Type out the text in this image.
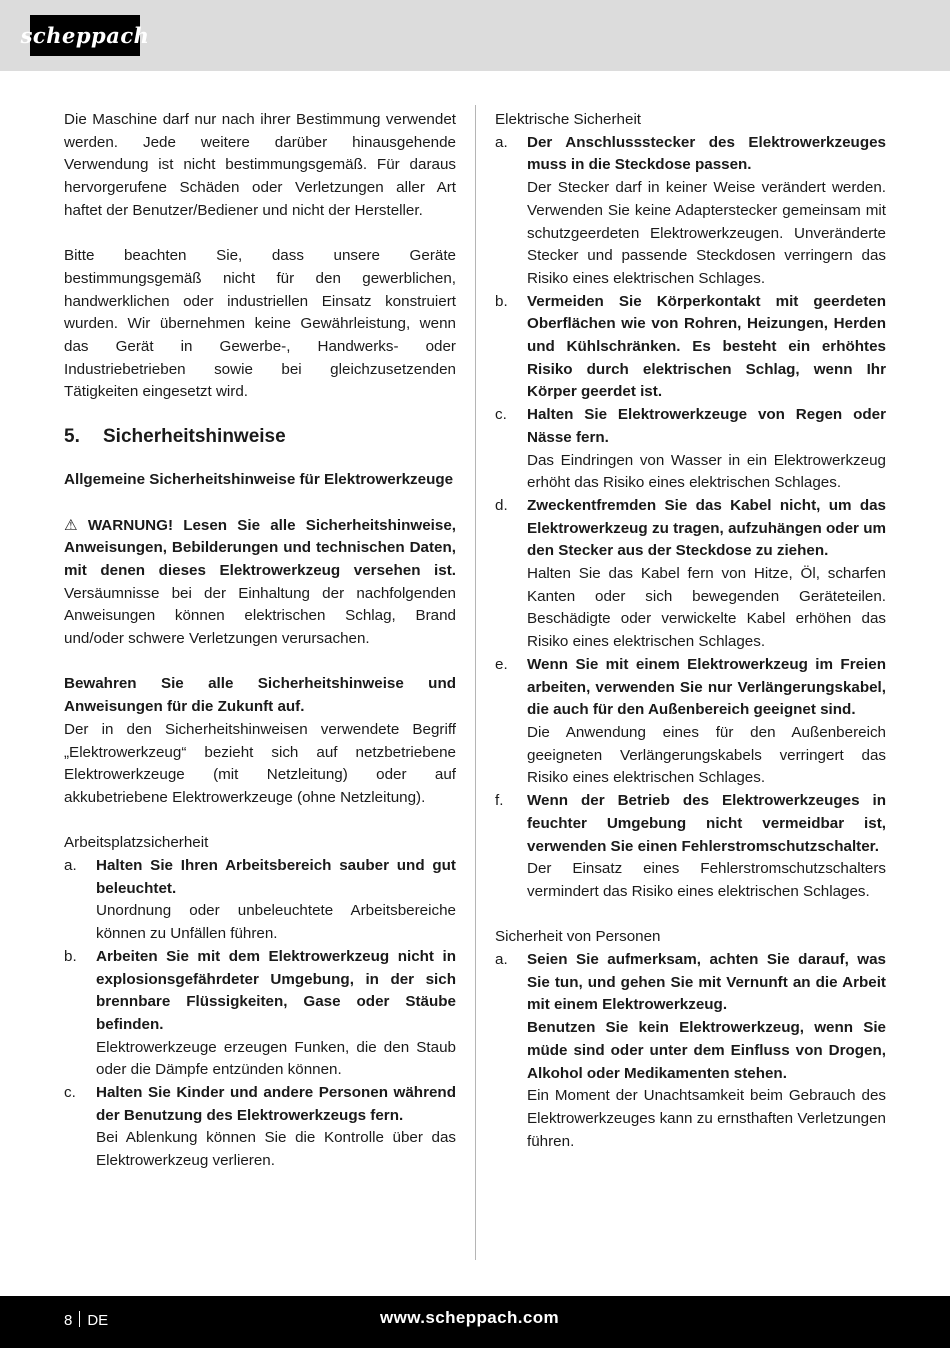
scheppach

Die Maschine darf nur nach ihrer Bestimmung verwendet werden. Jede weitere darüber hinausgehende Verwendung ist nicht bestimmungsgemäß. Für daraus hervorgerufene Schäden oder Verletzungen aller Art haftet der Benutzer/Bediener und nicht der Hersteller.

Bitte beachten Sie, dass unsere Geräte bestimmungsgemäß nicht für den gewerblichen, handwerklichen oder industriellen Einsatz konstruiert wurden. Wir übernehmen keine Gewährleistung, wenn das Gerät in Gewerbe-, Handwerks- oder Industriebetrieben sowie bei gleichzusetzenden Tätigkeiten eingesetzt wird.

5.	Sicherheitshinweise

Allgemeine Sicherheitshinweise für Elektrowerkzeuge

⚠ WARNUNG! Lesen Sie alle Sicherheitshinweise, Anweisungen, Bebilderungen und technischen Daten, mit denen dieses Elektrowerkzeug versehen ist. Versäumnisse bei der Einhaltung der nachfolgenden Anweisungen können elektrischen Schlag, Brand und/oder schwere Verletzungen verursachen.

Bewahren Sie alle Sicherheitshinweise und Anweisungen für die Zukunft auf.

Der in den Sicherheitshinweisen verwendete Begriff „Elektrowerkzeug“ bezieht sich auf netzbetriebene Elektrowerkzeuge (mit Netzleitung) oder auf akkubetriebene Elektrowerkzeuge (ohne Netzleitung).

Arbeitsplatzsicherheit

a.	Halten Sie Ihren Arbeitsbereich sauber und gut beleuchtet.

Unordnung oder unbeleuchtete Arbeitsbereiche können zu Unfällen führen.

b.	Arbeiten Sie mit dem Elektrowerkzeug nicht in explosionsgefährdeter Umgebung, in der sich brennbare Flüssigkeiten, Gase oder Stäube befinden.

Elektrowerkzeuge erzeugen Funken, die den Staub oder die Dämpfe entzünden können.

c.	Halten Sie Kinder und andere Personen während der Benutzung des Elektrowerkzeugs fern.

Bei Ablenkung können Sie die Kontrolle über das Elektrowerkzeug verlieren.

Elektrische Sicherheit

a.	Der Anschlussstecker des Elektrowerkzeuges muss in die Steckdose passen.

Der Stecker darf in keiner Weise verändert werden. Verwenden Sie keine Adapterstecker gemeinsam mit schutzgeerdeten Elektrowerkzeugen. Unveränderte Stecker und passende Steckdosen verringern das Risiko eines elektrischen Schlages.

b.	Vermeiden Sie Körperkontakt mit geerdeten Oberflächen wie von Rohren, Heizungen, Herden und Kühlschränken. Es besteht ein erhöhtes Risiko durch elektrischen Schlag, wenn Ihr Körper geerdet ist.

c.	Halten Sie Elektrowerkzeuge von Regen oder Nässe fern.

Das Eindringen von Wasser in ein Elektrowerkzeug erhöht das Risiko eines elektrischen Schlages.

d.	Zweckentfremden Sie das Kabel nicht, um das Elektrowerkzeug zu tragen, aufzuhängen oder um den Stecker aus der Steckdose zu ziehen.

Halten Sie das Kabel fern von Hitze, Öl, scharfen Kanten oder sich bewegenden Geräteteilen. Beschädigte oder verwickelte Kabel erhöhen das Risiko eines elektrischen Schlages.

e.	Wenn Sie mit einem Elektrowerkzeug im Freien arbeiten, verwenden Sie nur Verlängerungskabel, die auch für den Außenbereich geeignet sind.

Die Anwendung eines für den Außenbereich geeigneten Verlängerungskabels verringert das Risiko eines elektrischen Schlages.

f.	Wenn der Betrieb des Elektrowerkzeuges in feuchter Umgebung nicht vermeidbar ist, verwenden Sie einen Fehlerstromschutzschalter.

Der Einsatz eines Fehlerstromschutzschalters vermindert das Risiko eines elektrischen Schlages.

Sicherheit von Personen

a.	Seien Sie aufmerksam, achten Sie darauf, was Sie tun, und gehen Sie mit Vernunft an die Arbeit mit einem Elektrowerkzeug.

Benutzen Sie kein Elektrowerkzeug, wenn Sie müde sind oder unter dem Einfluss von Drogen, Alkohol oder Medikamenten stehen.

Ein Moment der Unachtsamkeit beim Gebrauch des Elektrowerkzeuges kann zu ernsthaften Verletzungen führen.

8 DE	www.scheppach.com
